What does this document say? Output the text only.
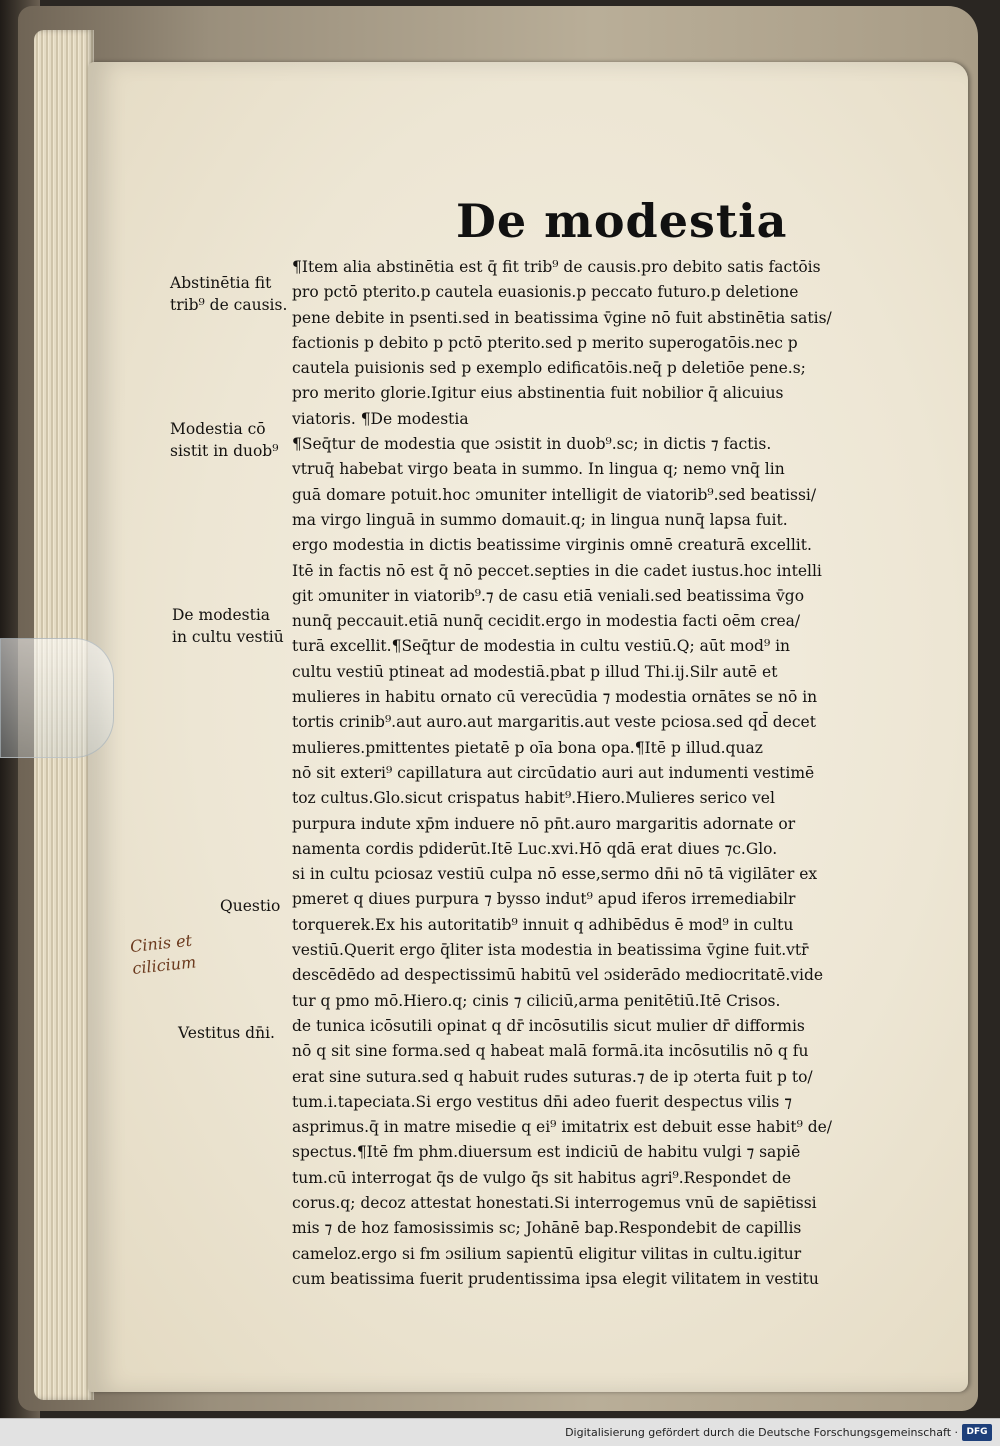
De modestia
¶Item alia abstinētia est q̄ fit trib⁹ de causis.pro debito satis factōis
pro pctō pterito.p cautela euasionis.p peccato futuro.p deletione
pene debite in psenti.sed in beatissima v̄gine nō fuit abstinētia satis/
factionis p debito p pctō pterito.sed p merito superogatōis.nec p
cautela puisionis sed p exemplo edificatōis.neq̄ p deletiōe pene.s;
pro merito glorie.Igitur eius abstinentia fuit nobilior q̄ alicuius
viatoris. ¶De modestia
¶Seq̄tur de modestia que ɔsistit in duob⁹.sc; in dictis ⁊ factis.
vtruq̄ habebat virgo beata in summo. In lingua q; nemo vnq̄ lin
guā domare potuit.hoc ɔmuniter intelligit de viatorib⁹.sed beatissi/
ma virgo linguā in summo domauit.q; in lingua nunq̄ lapsa fuit.
ergo modestia in dictis beatissime virginis omnē creaturā excellit.
Itē in factis nō est q̄ nō peccet.septies in die cadet iustus.hoc intelli
git ɔmuniter in viatorib⁹.⁊ de casu etiā veniali.sed beatissima v̄go
nunq̄ peccauit.etiā nunq̄ cecidit.ergo in modestia facti oēm crea/
turā excellit.¶Seq̄tur de modestia in cultu vestiū.Q; aūt mod⁹ in
cultu vestiū ptineat ad modestiā.pbat p illud Thi.ij.Silr autē et
mulieres in habitu ornato cū verecūdia ⁊ modestia ornātes se nō in
tortis crinib⁹.aut auro.aut margaritis.aut veste pciosa.sed qd̄ decet
mulieres.pmittentes pietatē p oīa bona opa.¶Itē p illud.quaz
nō sit exteri⁹ capillatura aut circūdatio auri aut indumenti vestimē
toz cultus.Glo.sicut crispatus habit⁹.Hiero.Mulieres serico vel
purpura indute xp̄m induere nō pn̄t.auro margaritis adornate or
namenta cordis pdiderūt.Itē Luc.xvi.Hō qdā erat diues ⁊c.Glo.
si in cultu pciosaz vestiū culpa nō esse,sermo dn̄i nō tā vigilāter ex
pmeret q diues purpura ⁊ bysso indut⁹ apud iferos irremediabilr
torquerek.Ex his autoritatib⁹ innuit q adhibēdus ē mod⁹ in cultu
vestiū.Querit ergo q̄liter ista modestia in beatissima v̄gine fuit.vtr̄
descēdēdo ad despectissimū habitū vel ɔsiderādo mediocritatē.vide
tur q pmo mō.Hiero.q; cinis ⁊ ciliciū,arma penitētiū.Itē Crisos.
de tunica icōsutili opinat q dr̄ incōsutilis sicut mulier dr̄ difformis
nō q sit sine forma.sed q habeat malā formā.ita incōsutilis nō q fu
erat sine sutura.sed q habuit rudes suturas.⁊ de ip ɔterta fuit p to/
tum.i.tapeciata.Si ergo vestitus dn̄i adeo fuerit despectus vilis ⁊
asprimus.q̄ in matre misedie q ei⁹ imitatrix est debuit esse habit⁹ de/
spectus.¶Itē fm phm.diuersum est indiciū de habitu vulgi ⁊ sapiē
tum.cū interrogat q̄s de vulgo q̄s sit habitus agri⁹.Respondet de
corus.q; decoz attestat honestati.Si interrogemus vnū de sapiētissi
mis ⁊ de hoz famosissimis sc; Johānē bap.Respondebit de capillis
cameloz.ergo si fm ɔsilium sapientū eligitur vilitas in cultu.igitur
cum beatissima fuerit prudentissima ipsa elegit vilitatem in vestitu
Abstinētia fit
trib⁹ de causis.
Modestia cō
sistit in duob⁹
De modestia
in cultu vestiū
Questio
Vestitus dn̄i.
Cinis et
cilicium
Digitalisierung gefördert durch die Deutsche Forschungsgemeinschaft · DFG
